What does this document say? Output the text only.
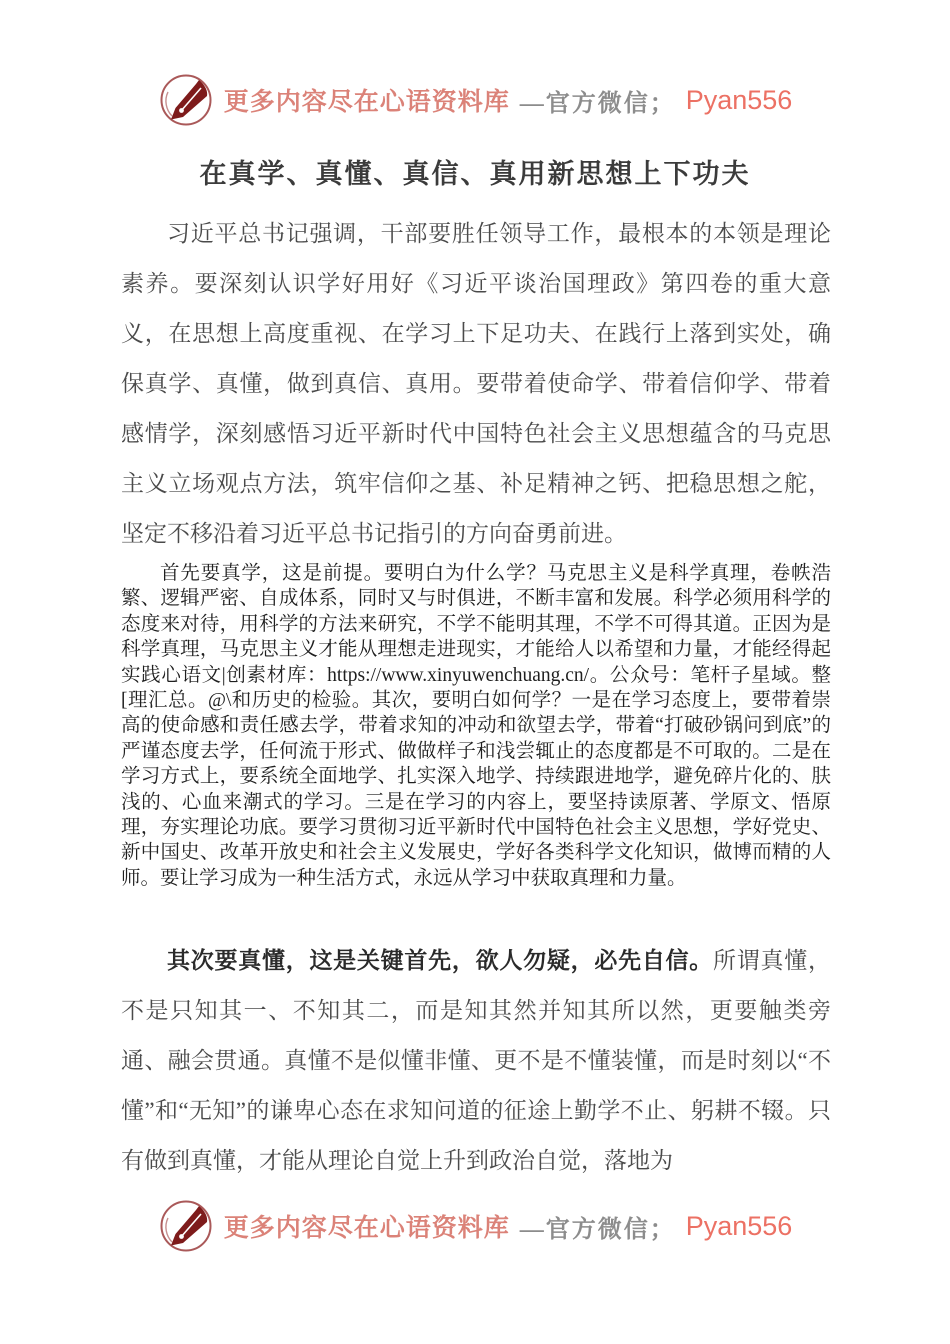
更多内容尽在心语资料库 —官方微信； Pyan556
在真学、真懂、真信、真用新思想上下功夫
习近平总书记强调，干部要胜任领导工作，最根本的本领是理论素养。要深刻认识学好用好《习近平谈治国理政》第四卷的重大意义，在思想上高度重视、在学习上下足功夫、在践行上落到实处，确保真学、真懂，做到真信、真用。要带着使命学、带着信仰学、带着感情学，深刻感悟习近平新时代中国特色社会主义思想蕴含的马克思主义立场观点方法，筑牢信仰之基、补足精神之钙、把稳思想之舵，坚定不移沿着习近平总书记指引的方向奋勇前进。
首先要真学，这是前提。要明白为什么学？马克思主义是科学真理，卷帙浩繁、逻辑严密、自成体系，同时又与时俱进，不断丰富和发展。科学必须用科学的态度来对待，用科学的方法来研究，不学不能明其理，不学不可得其道。正因为是科学真理，马克思主义才能从理想走进现实，才能给人以希望和力量，才能经得起实践心语文|创素材库：https://www.xinyuwenchuang.cn/。公众号：笔杆子星域。整[理汇总。@\和历史的检验。其次，要明白如何学？一是在学习态度上，要带着崇高的使命感和责任感去学，带着求知的冲动和欲望去学，带着“打破砂锅问到底”的严谨态度去学，任何流于形式、做做样子和浅尝辄止的态度都是不可取的。二是在学习方式上，要系统全面地学、扎实深入地学、持续跟进地学，避免碎片化的、肤浅的、心血来潮式的学习。三是在学习的内容上，要坚持读原著、学原文、悟原理，夯实理论功底。要学习贯彻习近平新时代中国特色社会主义思想，学好党史、新中国史、改革开放史和社会主义发展史，学好各类科学文化知识，做博而精的人师。要让学习成为一种生活方式，永远从学习中获取真理和力量。
其次要真懂，这是关键首先，欲人勿疑，必先自信。所谓真懂，不是只知其一、不知其二，而是知其然并知其所以然，更要触类旁通、融会贯通。真懂不是似懂非懂、更不是不懂装懂，而是时刻以“不懂”和“无知”的谦卑心态在求知问道的征途上勤学不止、躬耕不辍。只有做到真懂，才能从理论自觉上升到政治自觉，落地为
更多内容尽在心语资料库 —官方微信； Pyan556
